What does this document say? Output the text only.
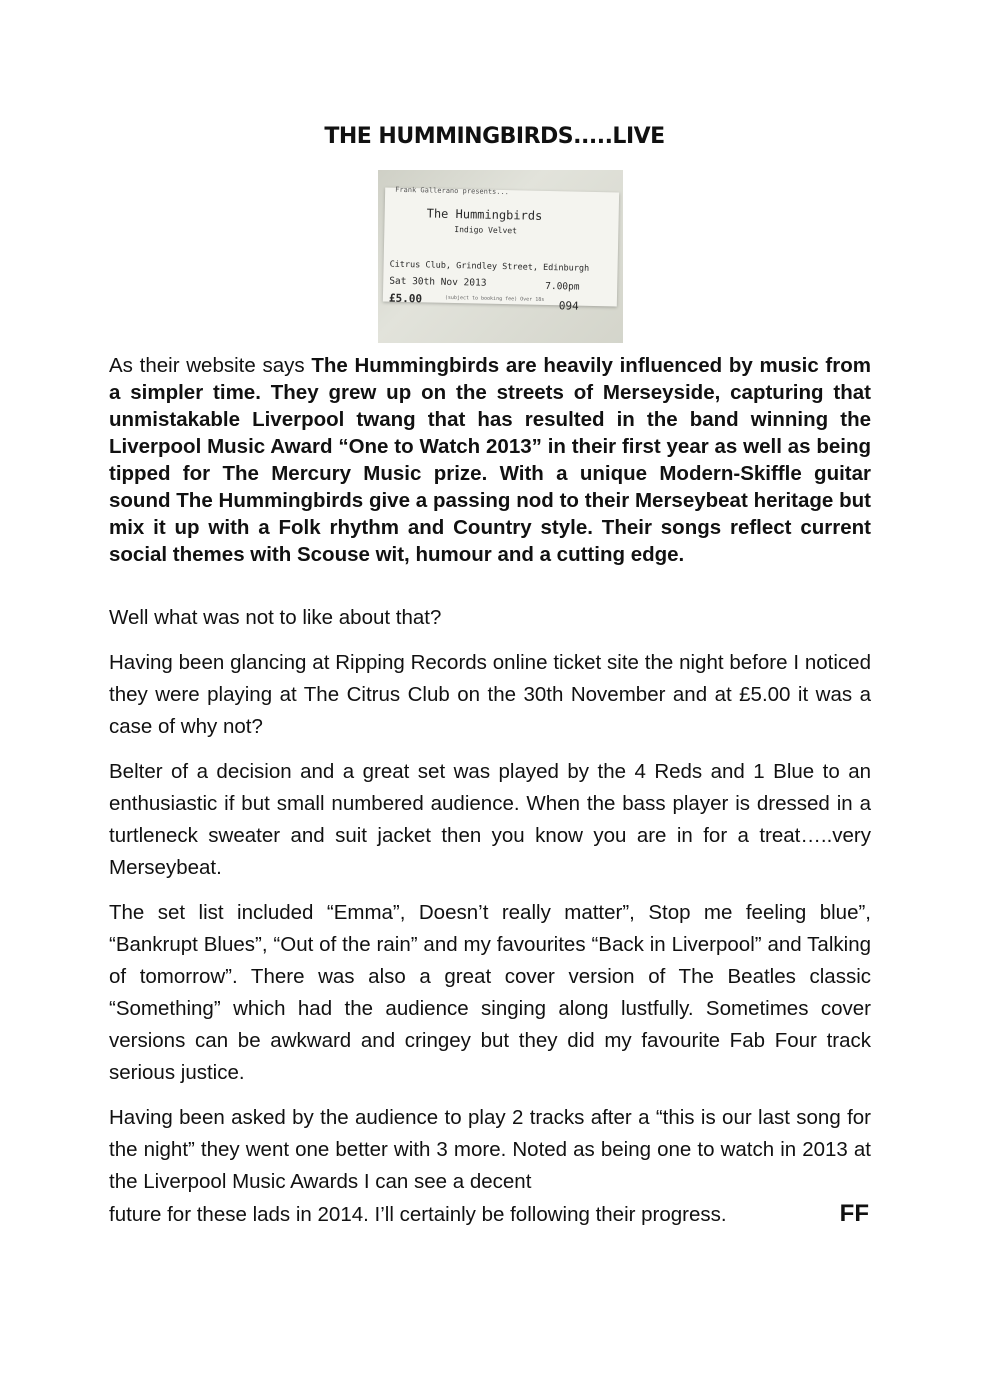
THE HUMMINGBIRDS.....LIVE
Frank Gallerano presents...
The Hummingbirds
Indigo Velvet
Citrus Club, Grindley Street, Edinburgh
Sat 30th Nov 2013	7.00pm
£5.00	(subject to booking fee) Over 18s
094

As their website says The Hummingbirds are heavily influenced by music from a simpler time. They grew up on the streets of Merseyside, capturing that unmistakable Liverpool twang that has resulted in the band winning the Liverpool Music Award “One to Watch 2013” in their first year as well as being tipped for The Mercury Music prize. With a unique Modern-Skiffle guitar sound The Hummingbirds give a passing nod to their Merseybeat heritage but mix it up with a Folk rhythm and Country style. Their songs reflect current social themes with Scouse wit, humour and a cutting edge.

Well what was not to like about that?

Having been glancing at Ripping Records online ticket site the night before I noticed they were playing at The Citrus Club on the 30th November and at £5.00 it was a case of why not?

Belter of a decision and a great set was played by the 4 Reds and 1 Blue to an enthusiastic if but small numbered audience. When the bass player is dressed in a turtleneck sweater and suit jacket then you know you are in for a treat…..very Merseybeat.

The set list included “Emma”, Doesn’t really matter”, Stop me feeling blue”, “Bankrupt Blues”, “Out of the rain” and my favourites “Back in Liverpool” and Talking of tomorrow”. There was also a great cover version of The Beatles classic “Something” which had the audience singing along lustfully. Sometimes cover versions can be awkward and cringey but they did my favourite Fab Four track serious justice.

Having been asked by the audience to play 2 tracks after a “this is our last song for the night” they went one better with 3 more. Noted as being one to watch in 2013 at the Liverpool Music Awards I can see a decent
future for these lads in 2014. I’ll certainly be following their progress.	FF
